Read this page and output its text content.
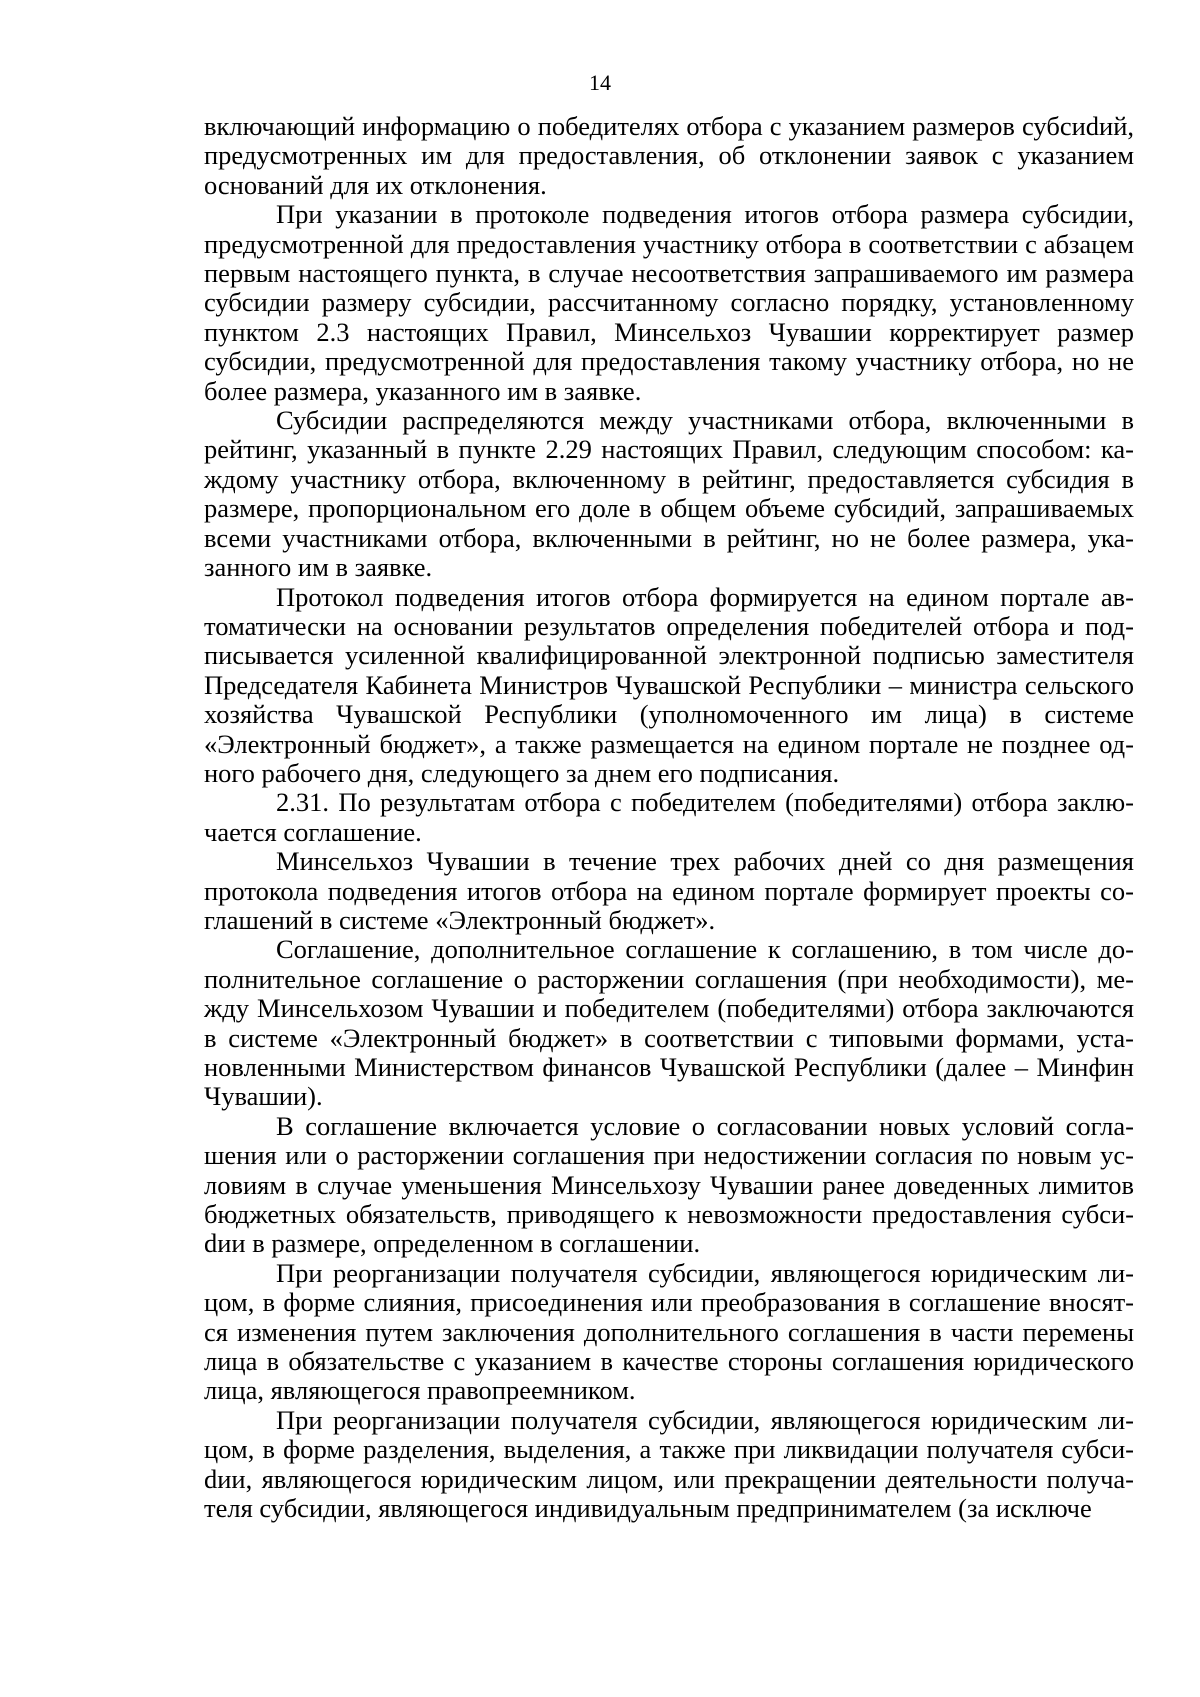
14

включающий информацию о победителях отбора с указанием размеров субсиdий, предусмотренных им для предоставления, об отклонении заявок с указанием оснований для их отклонения.

При указании в протоколе подведения итогов отбора размера субсидии, предусмотренной для предоставления участнику отбора в соответствии с абзацем первым настоящего пункта, в случае несоответствия запрашиваемого им размера субсидии размеру субсидии, рассчитанному согласно порядку, установленному пунктом 2.3 настоящих Правил, Минсельхоз Чувашии корректирует размер субсидии, предусмотренной для предоставления такому участнику отбора, но не более размера, указанного им в заявке.

Субсидии распределяются между участниками отбора, включенными в рейтинг, указанный в пункте 2.29 настоящих Правил, следующим способом: каждому участнику отбора, включенному в рейтинг, предоставляется субсидия в размере, пропорциональном его доле в общем объеме субсидий, запрашиваемых всеми участниками отбора, включенными в рейтинг, но не более размера, указанного им в заявке.

Протокол подведения итогов отбора формируется на едином портале автоматически на основании результатов определения победителей отбора и подписывается усиленной квалифицированной электронной подписью заместителя Председателя Кабинета Министров Чувашской Республики – министра сельского хозяйства Чувашской Республики (уполномоченного им лица) в системе «Электронный бюджет», а также размещается на едином портале не позднее одного рабочего дня, следующего за днем его подписания.

2.31. По результатам отбора с победителем (победителями) отбора заключается соглашение.

Минсельхоз Чувашии в течение трех рабочих дней со дня размещения протокола подведения итогов отбора на едином портале формирует проекты соглашений в системе «Электронный бюджет».

Соглашение, дополнительное соглашение к соглашению, в том числе дополнительное соглашение о расторжении соглашения (при необходимости), между Минсельхозом Чувашии и победителем (победителями) отбора заключаются в системе «Электронный бюджет» в соответствии с типовыми формами, установленными Министерством финансов Чувашской Республики (далее – Минфин Чувашии).

В соглашение включается условие о согласовании новых условий соглашения или о расторжении соглашения при недостижении согласия по новым условиям в случае уменьшения Минсельхозу Чувашии ранее доведенных лимитов бюджетных обязательств, приводящего к невозможности предоставления субсиdии в размере, определенном в соглашении.

При реорганизации получателя субсидии, являющегося юридическим лицом, в форме слияния, присоединения или преобразования в соглашение вносятся изменения путем заключения дополнительного соглашения в части перемены лица в обязательстве с указанием в качестве стороны соглашения юридического лица, являющегося правопреемником.

При реорганизации получателя субсидии, являющегося юридическим лицом, в форме разделения, выделения, а также при ликвидации получателя субсиdии, являющегося юридическим лицом, или прекращении деятельности получателя субсидии, являющегося индивидуальным предпринимателем (за исключе
